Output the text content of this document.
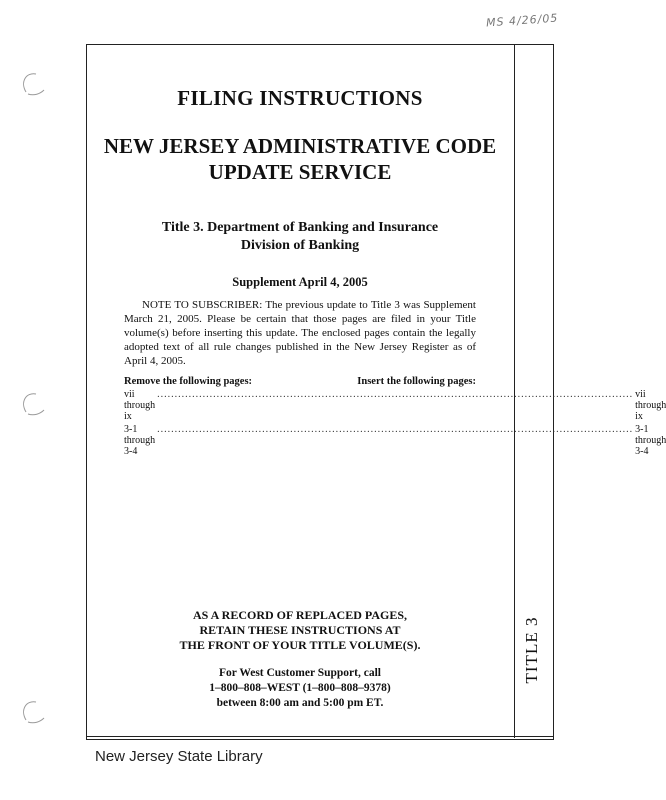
MS 4/26/05
TITLE 3
FILING INSTRUCTIONS
NEW JERSEY ADMINISTRATIVE CODE
UPDATE SERVICE
Title 3. Department of Banking and Insurance
Division of Banking
Supplement April 4, 2005

NOTE TO SUBSCRIBER: The previous update to Title 3 was Supplement March 21, 2005. Please be certain that those pages are filed in your Title volume(s) before inserting this update. The enclosed pages contain the legally adopted text of all rule changes published in the New Jersey Register as of April 4, 2005.

Remove the following pages:	Insert the following pages:
vii through ix
........................................................................................................................................ vii through ix
3-1 through 3-4
........................................................................................................................................ 3-1 through 3-4
AS A RECORD OF REPLACED PAGES,
RETAIN THESE INSTRUCTIONS AT
THE FRONT OF YOUR TITLE VOLUME(S).
For West Customer Support, call
1–800–808–WEST (1–800–808–9378)
between 8:00 am and 5:00 pm ET.
New Jersey State Library
